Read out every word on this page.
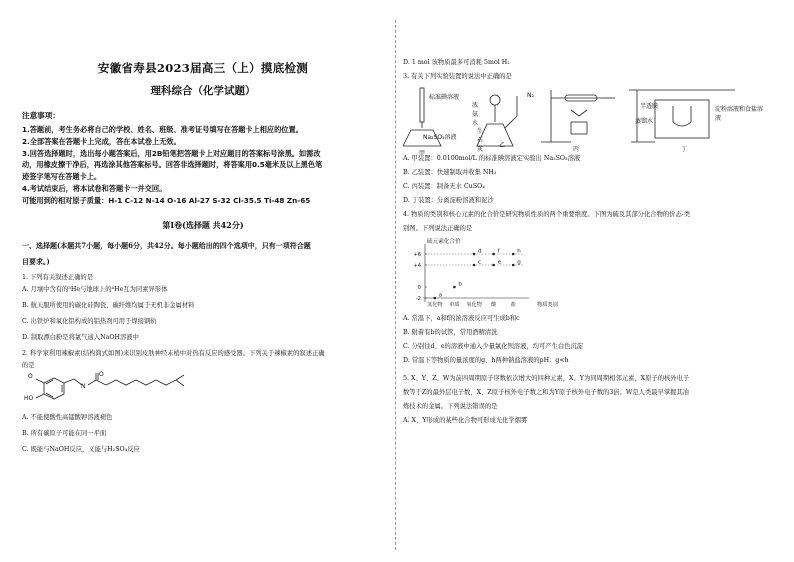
安徽省寿县2023届高三（上）摸底检测
理科综合（化学试题）
注意事项：

1.答题前，考生务必将自己的学校、姓名、班级、准考证号填写在答题卡上相应的位置。

2.全部答案在答题卡上完成，答在本试卷上无效。

3.回答选择题时，选出每小题答案后，用2B铅笔把答题卡上对应题目的答案标号涂黑。如需改

动，用橡皮擦干净后，再选涂其他答案标号。回答非选择题时，将答案用0.5毫米及以上黑色笔

迹签字笔写在答题卡上。

4.考试结束后，将本试卷和答题卡一并交回。

可能用到的相对原子质量：H-1 C-12 N-14 O-16 Al-27 S-32 Cl-35.5 Ti-48 Zn-65

第Ⅰ卷(选择题 共42分)

一、选择题(本题共7小题，每小题6分，共42分。每小题给出的四个选项中，只有一项符合题

目要求。)

1. 下列有关叙述正确的是

A. 月壤中含有的³He与地球上的⁴He互为同素异形体

B. 航天服所使用的碳化硅陶瓷、碳纤维均属于无机非金属材料

C. 出铁炉和氧化铝构成的铝热剂可用于焊接钢轨

D. 制取漂白粉是将氯气通入NaOH溶液中

2. 科学家利用辣椒素(结构简式如图)来识别皮肤神经末梢中对热有反应的感受器。下列关于辣椒素的叙述正确

的是

O
HO
N
O

A. 不能使酸性高锰酸钾溶液褪色

B. 所有碳原子可能在同一平面

C. 既能与NaOH反应，又能与H₂SO₄反应

D. 1 mol 该物质最多可消耗 5mol H₂

3. 有关下列实验装置的说法中正确的是

标准碘溶液
Na₂SO₃溶液
甲
浓氨水
生石灰
乙
N₂
丙
半透膜
蒸馏水
淀粉溶液和食盐溶液
丁

A. 甲装置：0.0100mol/L 的标准碘溶液定实验出 Na₂SO₃溶液

B. 乙装置：快速制取并收集 NH₃

C. 丙装置：制备无水 CuSO₄

D. 丁装置：分离淀粉溶液和泥沙

4. 物质的类别和核心元素的化合价是研究物质性质的两个重要维度。下图为硫及其部分化合物的价态-类

别图。下列说法正确的是

硫元素化合价
物质类别
-2
0
+4
+6
氢化物 单质 氧化物 酸	盐
a
b
c
d
e
f
g
h

A. 常温下，a和f的浓溶液反应可生成b和c

B. 附着有b的试管，常用酒精清洗

C. 分别往d、e的溶液中通入少量氯化钡溶液，均可产生白色沉淀

D. 常温下等物质的量浓度的g、h两种钠盐溶液的pH：g<h

5. X、Y、Z、W为前四周期原子序数依次增大的四种元素，X、Y为同周期相邻元素，X原子的核外电子

数等于Z的最外层电子数，X、Z原子核外电子数之和为Y原子核外电子数的3倍。W是人类最早掌握其冶

炼技术的金属。下列说法错误的是

A. X、Y形成的某些化合物可形成光化学烟雾
